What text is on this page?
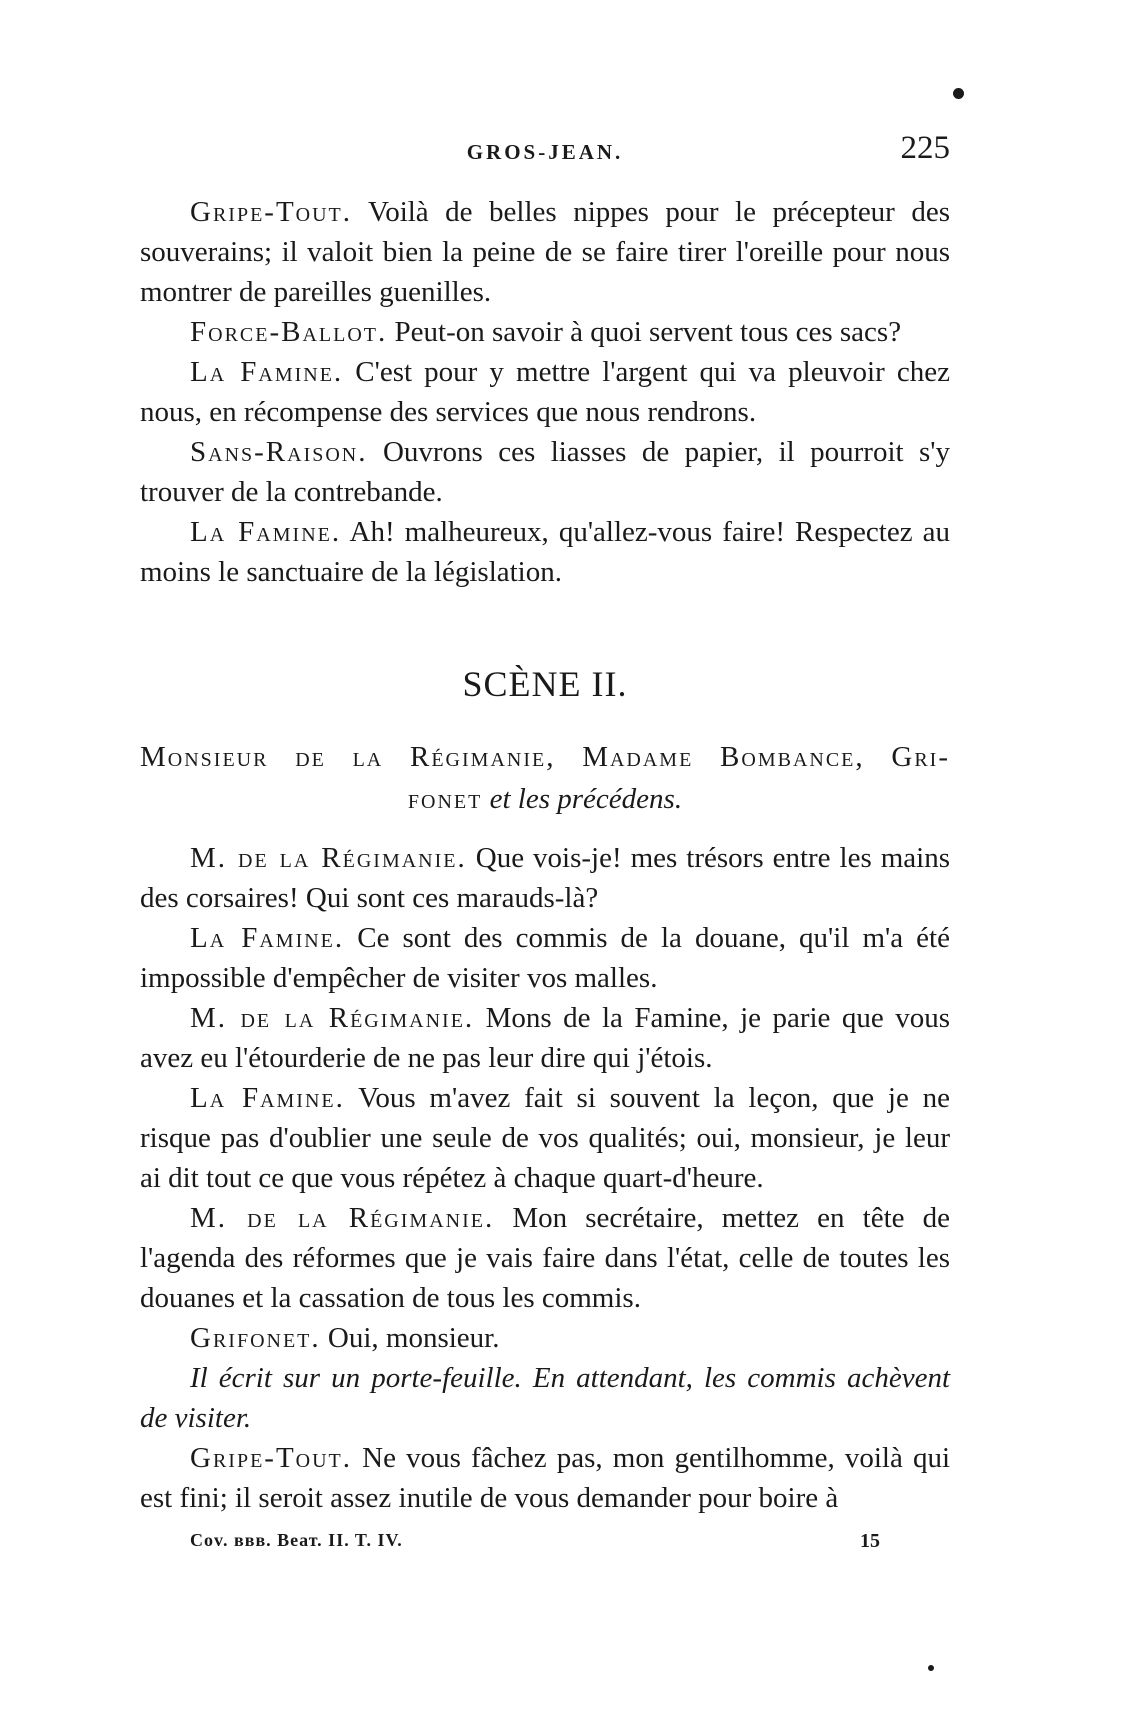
GROS-JEAN.	225

Gripe-Tout. Voilà de belles nippes pour le précepteur des souverains; il valoit bien la peine de se faire tirer l'oreille pour nous montrer de pareilles guenilles.

Force-Ballot. Peut-on savoir à quoi servent tous ces sacs?

La Famine. C'est pour y mettre l'argent qui va pleuvoir chez nous, en récompense des services que nous rendrons.

Sans-Raison. Ouvrons ces liasses de papier, il pourroit s'y trouver de la contrebande.

La Famine. Ah! malheureux, qu'allez-vous faire! Respectez au moins le sanctuaire de la législation.

SCÈNE II.
Monsieur de la Régimanie, Madame Bombance, Gri-
fonet et les précédens.

M. de la Régimanie. Que vois-je! mes trésors entre les mains des corsaires! Qui sont ces marauds-là?

La Famine. Ce sont des commis de la douane, qu'il m'a été impossible d'empêcher de visiter vos malles.

M. de la Régimanie. Mons de la Famine, je parie que vous avez eu l'étourderie de ne pas leur dire qui j'étois.

La Famine. Vous m'avez fait si souvent la leçon, que je ne risque pas d'oublier une seule de vos qualités; oui, monsieur, je leur ai dit tout ce que vous répétez à chaque quart-d'heure.

M. de la Régimanie. Mon secrétaire, mettez en tête de l'agenda des réformes que je vais faire dans l'état, celle de toutes les douanes et la cassation de tous les commis.

Grifonet. Oui, monsieur.

Il écrit sur un porte-feuille. En attendant, les commis achèvent de visiter.

Gripe-Tout. Ne vous fâchez pas, mon gentilhomme, voilà qui est fini; il seroit assez inutile de vous demander pour boire à

Cov. ввв. Веат. II. T. IV.	15
